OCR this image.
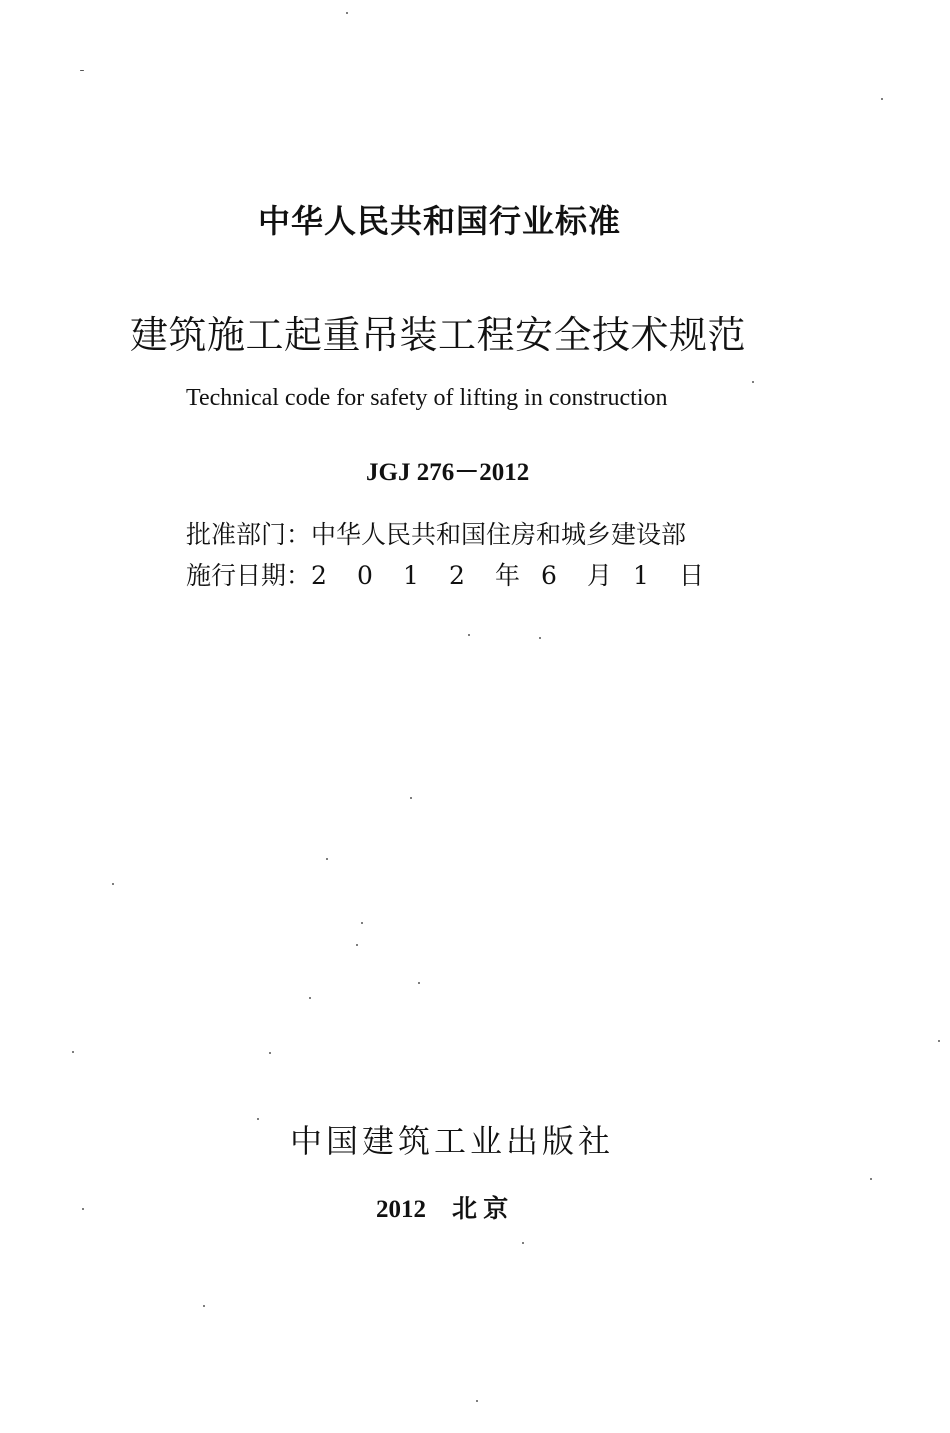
中华人民共和国行业标准
建筑施工起重吊装工程安全技术规范
Technical code for safety of lifting in construction
JGJ 276－2012
批准部门： 中华人民共和国住房和城乡建设部
施行日期： 2	0	1	2	年 6	月 1	日
中国建筑工业出版社
2012 北 京
